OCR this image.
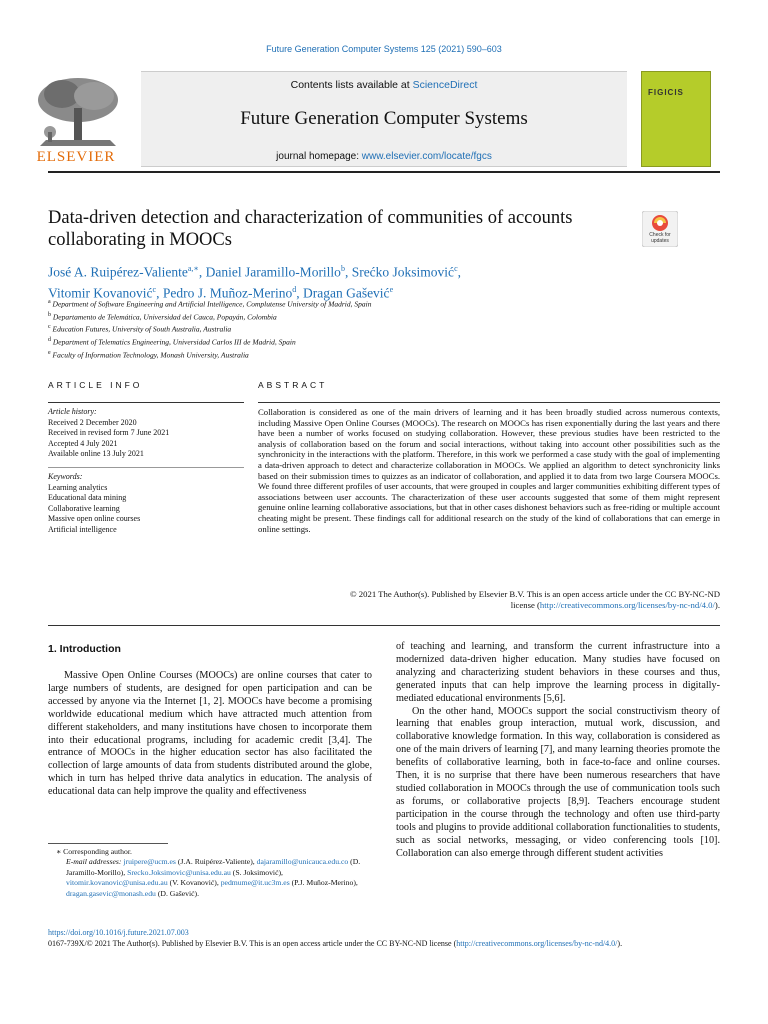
Future Generation Computer Systems 125 (2021) 590–603
ELSEVIER
Contents lists available at ScienceDirect
Future Generation Computer Systems
journal homepage: www.elsevier.com/locate/fgcs
FIGICIS
Data-driven detection and characterization of communities of accounts collaborating in MOOCs	Check for updates
José A. Ruipérez-Valiente$^{a,∗}$, Daniel Jaramillo-Morillo$^b$, Srećko Joksimović$^c$,
Vitomir Kovanović$^c$, Pedro J. Muñoz-Merino$^d$, Dragan Gašević$^e$
$^a$ Department of Software Engineering and Artificial Intelligence, Complutense University of Madrid, Spain
$^b$ Departamento de Telemática, Universidad del Cauca, Popayán, Colombia
$^c$ Education Futures, University of South Australia, Australia
$^d$ Department of Telematics Engineering, Universidad Carlos III de Madrid, Spain
$^e$ Faculty of Information Technology, Monash University, Australia
ARTICLE INFO	ABSTRACT
Article history:
Received 2 December 2020
Received in revised form 7 June 2021
Accepted 4 July 2021
Available online 13 July 2021
Keywords:
Learning analytics
Educational data mining
Collaborative learning
Massive open online courses
Artificial intelligence
Collaboration is considered as one of the main drivers of learning and it has been broadly studied across numerous contexts, including Massive Open Online Courses (MOOCs). The research on MOOCs has risen exponentially during the last years and there have been a number of works focused on studying collaboration. However, these previous studies have been restricted to the analysis of collaboration based on the forum and social interactions, without taking into account other possibilities such as the synchronicity in the interactions with the platform. Therefore, in this work we performed a case study with the goal of implementing a data-driven approach to detect and characterize collaboration in MOOCs. We applied an algorithm to detect synchronicity links based on their submission times to quizzes as an indicator of collaboration, and applied it to data from two large Coursera MOOCs. We found three different profiles of user accounts, that were grouped in couples and larger communities exhibiting different types of associations between user accounts. The characterization of these user accounts suggested that some of them might represent genuine online learning collaborative associations, but that in other cases dishonest behaviors such as free-riding or multiple account cheating might be present. These findings call for additional research on the study of the kind of collaborations that can emerge in online settings.
© 2021 The Author(s). Published by Elsevier B.V. This is an open access article under the CC BY-NC-ND
license (http://creativecommons.org/licenses/by-nc-nd/4.0/).
1. Introduction
Massive Open Online Courses (MOOCs) are online courses that cater to large numbers of students, are designed for open participation and can be accessed by anyone via the Internet [1, 2]. MOOCs have become a promising worldwide educational medium which have attracted much attention from different stakeholders, and many institutions have chosen to incorporate them into their educational programs, including for academic credit [3,4]. The entrance of MOOCs in the higher education sector has also facilitated the collection of large amounts of data from students distributed around the globe, which in turn has helped thrive data analytics in education. The analysis of educational data can help improve the quality and effectiveness

of teaching and learning, and transform the current infrastructure into a modernized data-driven higher education. Many studies have focused on analyzing and characterizing student behaviors in these courses and thus, generated inputs that can help improve the learning process in digitally-mediated educational environments [5,6].

On the other hand, MOOCs support the social constructivism theory of learning that enables group interaction, mutual work, discussion, and collaborative knowledge formation. In this way, collaboration is considered as one of the main drivers of learning [7], and many learning theories promote the benefits of collaborative learning, both in face-to-face and online courses. Then, it is no surprise that there have been numerous researchers that have studied collaboration in MOOCs through the use of communication tools such as forums, or collaborative projects [8,9]. Teachers encourage student participation in the course through the technology and often use third-party tools and plugins to provide additional collaboration functionalities to students, such as social networks, messaging, or video conferencing tools [10]. Collaboration can also emerge through different student activities

∗ Corresponding author.
E-mail addresses: jruipere@ucm.es (J.A. Ruipérez-Valiente), dajaramillo@unicauca.edu.co (D. Jaramillo-Morillo), Srecko.Joksimovic@unisa.edu.au (S. Joksimović), vitomir.kovanovic@unisa.edu.au (V. Kovanović), pedmume@it.uc3m.es (P.J. Muñoz-Merino), dragan.gasevic@monash.edu (D. Gašević).
https://doi.org/10.1016/j.future.2021.07.003
0167-739X/© 2021 The Author(s). Published by Elsevier B.V. This is an open access article under the CC BY-NC-ND license (http://creativecommons.org/licenses/by-nc-nd/4.0/).
